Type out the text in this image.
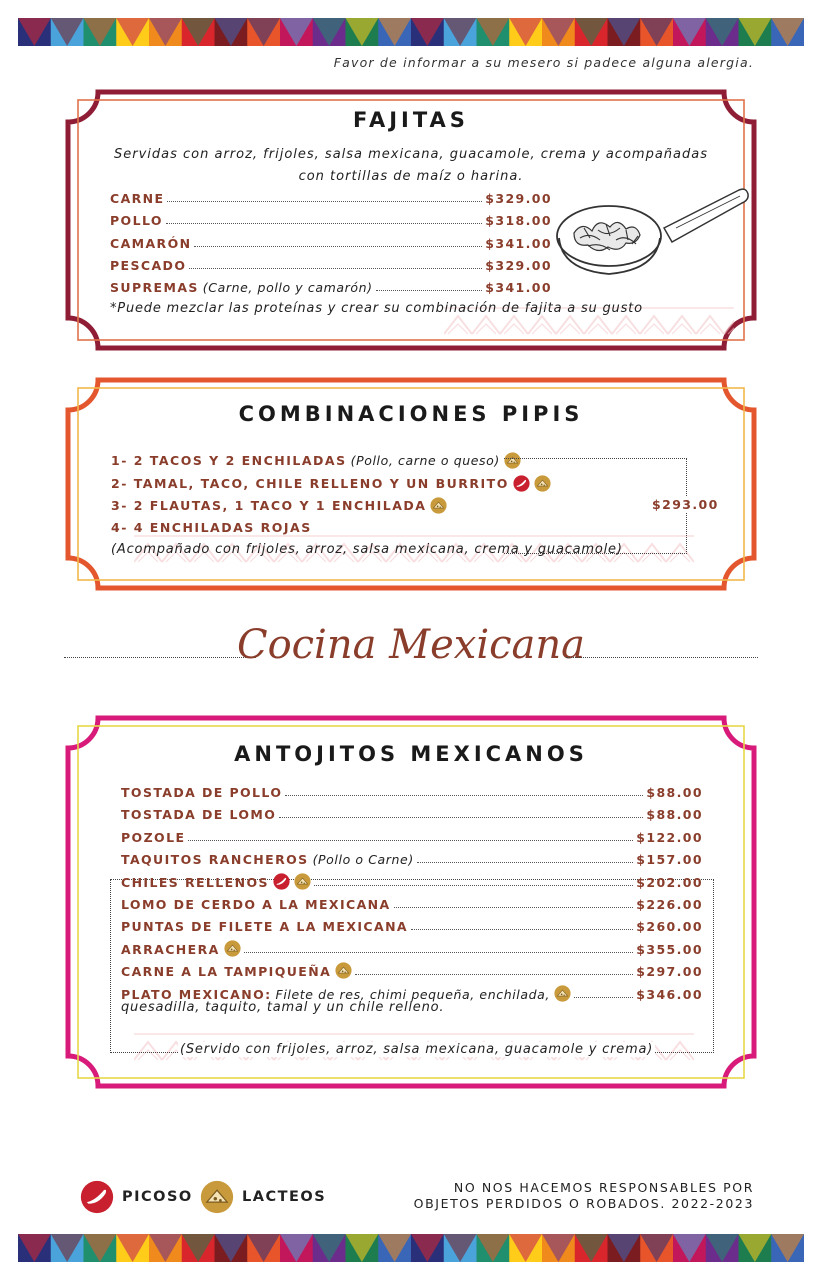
Favor de informar a su mesero si padece alguna alergia.
FAJITAS
Servidas con arroz, frijoles, salsa mexicana, guacamole, crema y acompañadas con tortillas de maíz o harina.
CARNE	$329.00
POLLO	$318.00
CAMARÓN	$341.00
PESCADO	$329.00
SUPREMAS (Carne, pollo y camarón)	$341.00
*Puede mezclar las proteínas y crear su combinación de fajita a su gusto
COMBINACIONES PIPIS
1- 2 TACOS Y 2 ENCHILADAS (Pollo, carne o queso)
2- TAMAL, TACO, CHILE RELLENO Y UN BURRITO
3- 2 FLAUTAS, 1 TACO Y 1 ENCHILADA
4- 4 ENCHILADAS ROJAS
$293.00
(Acompañado con frijoles, arroz, salsa mexicana, crema y guacamole)
Cocina Mexicana
ANTOJITOS MEXICANOS
TOSTADA DE POLLO	$88.00
TOSTADA DE LOMO	$88.00
POZOLE	$122.00
TAQUITOS RANCHEROS (Pollo o Carne)	$157.00
CHILES RELLENOS	$202.00
LOMO DE CERDO A LA MEXICANA	$226.00
PUNTAS DE FILETE A LA MEXICANA	$260.00
ARRACHERA	$355.00
CARNE A LA TAMPIQUEÑA	$297.00
PLATO MEXICANO: Filete de res, chimi pequeña, enchilada,	$346.00
quesadilla, taquito, tamal y un chile relleno.
(Servido con frijoles, arroz, salsa mexicana, guacamole y crema)
PICOSO	LACTEOS
NO NOS HACEMOS RESPONSABLES POR
OBJETOS PERDIDOS O ROBADOS. 2022-2023
